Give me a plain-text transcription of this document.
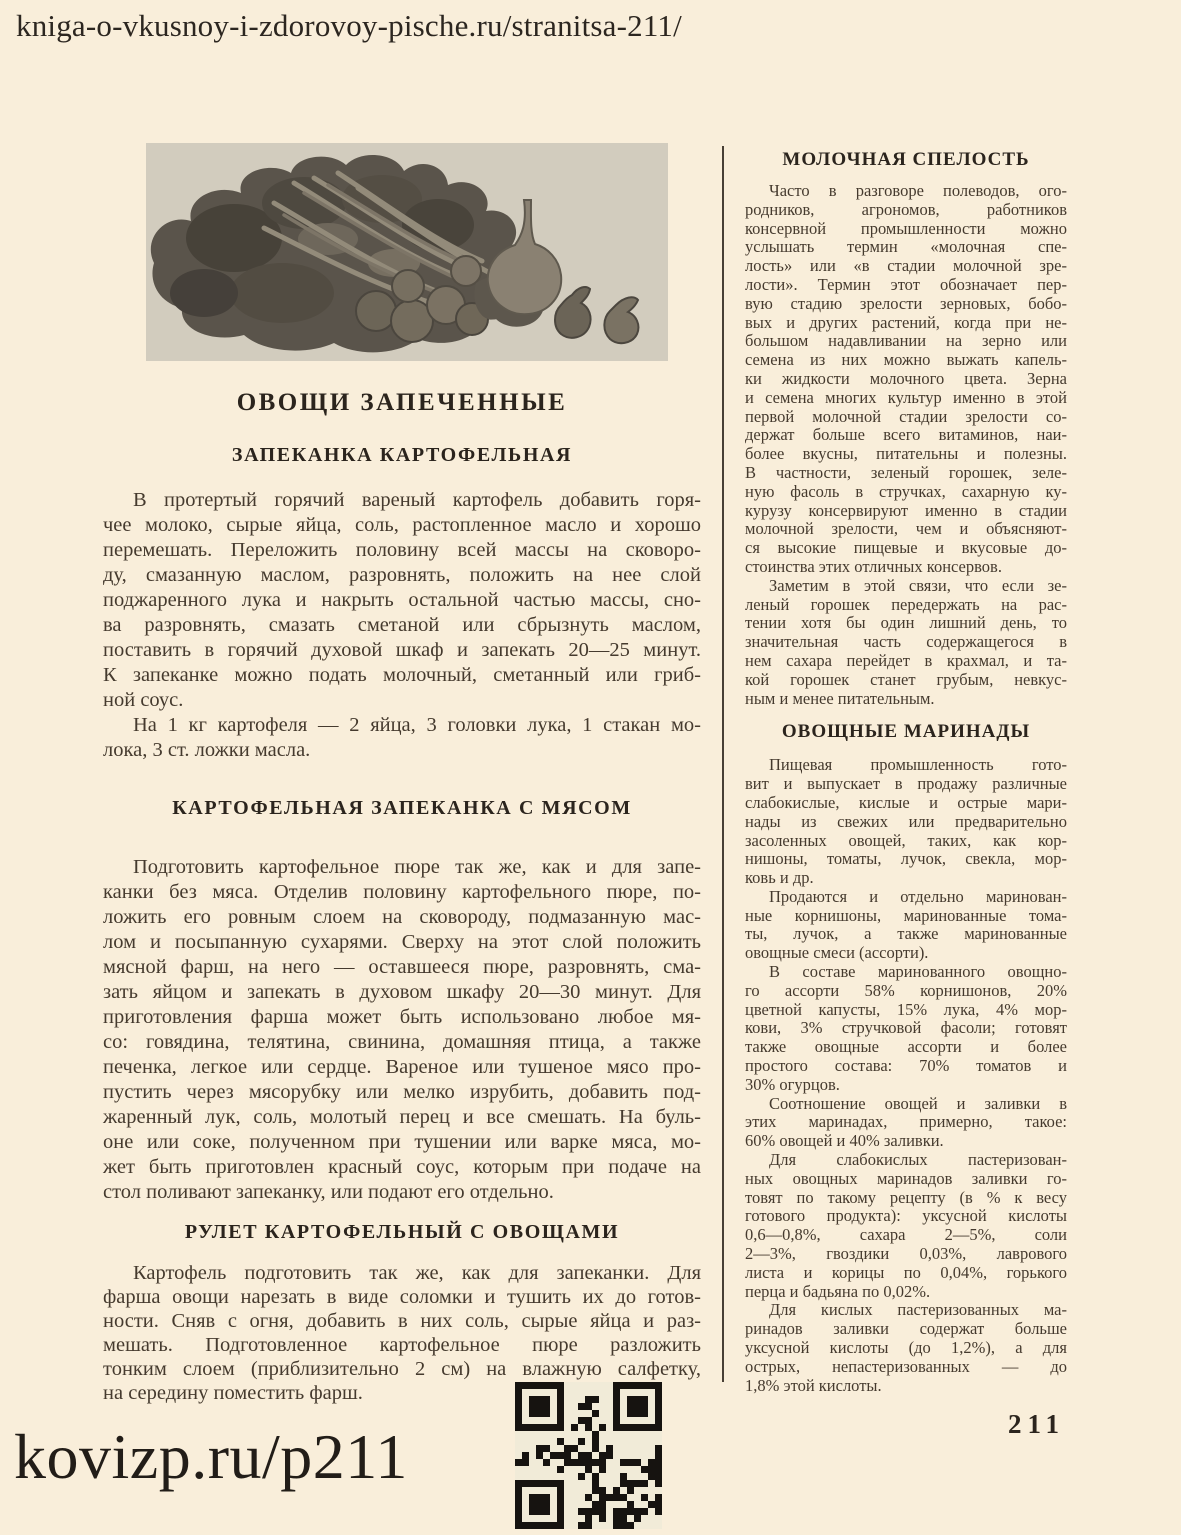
kniga-o-vkusnoy-i-zdorovoy-pische.ru/stranitsa-211/
ОВОЩИ ЗАПЕЧЕННЫЕ
ЗАПЕКАНКА КАРТОФЕЛЬНАЯ
В протертый горячий вареный картофель добавить горя-
чее молоко, сырые яйца, соль, растопленное масло и хорошо
перемешать. Переложить половину всей массы на сковоро-
ду, смазанную маслом, разровнять, положить на нее слой
поджаренного лука и накрыть остальной частью массы, сно-
ва разровнять, смазать сметаной или сбрызнуть маслом,
поставить в горячий духовой шкаф и запекать 20—25 минут.
К запеканке можно подать молочный, сметанный или гриб-
ной соус.
На 1 кг картофеля — 2 яйца, 3 головки лука, 1 стакан мо-
лока, 3 ст. ложки масла.
КАРТОФЕЛЬНАЯ ЗАПЕКАНКА С МЯСОМ
Подготовить картофельное пюре так же, как и для запе-
канки без мяса. Отделив половину картофельного пюре, по-
ложить его ровным слоем на сковороду, подмазанную мас-
лом и посыпанную сухарями. Сверху на этот слой положить
мясной фарш, на него — оставшееся пюре, разровнять, сма-
зать яйцом и запекать в духовом шкафу 20—30 минут. Для
приготовления фарша может быть использовано любое мя-
со: говядина, телятина, свинина, домашняя птица, а также
печенка, легкое или сердце. Вареное или тушеное мясо про-
пустить через мясорубку или мелко изрубить, добавить под-
жаренный лук, соль, молотый перец и все смешать. На буль-
оне или соке, полученном при тушении или варке мяса, мо-
жет быть приготовлен красный соус, которым при подаче на
стол поливают запеканку, или подают его отдельно.
РУЛЕТ КАРТОФЕЛЬНЫЙ С ОВОЩАМИ
Картофель подготовить так же, как для запеканки. Для
фарша овощи нарезать в виде соломки и тушить их до готов-
ности. Сняв с огня, добавить в них соль, сырые яйца и раз-
мешать. Подготовленное картофельное пюре разложить
тонким слоем (приблизительно 2 см) на влажную салфетку,
на середину поместить фарш.
МОЛОЧНАЯ СПЕЛОСТЬ
Часто в разговоре полеводов, ого-
родников, агрономов, работников
консервной промышленности можно
услышать термин «молочная спе-
лость» или «в стадии молочной зре-
лости». Термин этот обозначает пер-
вую стадию зрелости зерновых, бобо-
вых и других растений, когда при не-
большом надавливании на зерно или
семена из них можно выжать капель-
ки жидкости молочного цвета. Зерна
и семена многих культур именно в этой
первой молочной стадии зрелости со-
держат больше всего витаминов, наи-
более вкусны, питательны и полезны.
В частности, зеленый горошек, зеле-
ную фасоль в стручках, сахарную ку-
курузу консервируют именно в стадии
молочной зрелости, чем и объясняют-
ся высокие пищевые и вкусовые до-
стоинства этих отличных консервов.
Заметим в этой связи, что если зе-
леный горошек передержать на рас-
тении хотя бы один лишний день, то
значительная часть содержащегося в
нем сахара перейдет в крахмал, и та-
кой горошек станет грубым, невкус-
ным и менее питательным.
ОВОЩНЫЕ МАРИНАДЫ
Пищевая промышленность гото-
вит и выпускает в продажу различные
слабокислые, кислые и острые мари-
нады из свежих или предварительно
засоленных овощей, таких, как кор-
нишоны, томаты, лучок, свекла, мор-
ковь и др.
Продаются и отдельно маринован-
ные корнишоны, маринованные тома-
ты, лучок, а также маринованные
овощные смеси (ассорти).
В составе маринованного овощно-
го ассорти 58% корнишонов, 20%
цветной капусты, 15% лука, 4% мор-
кови, 3% стручковой фасоли; готовят
также овощные ассорти и более
простого состава: 70% томатов и
30% огурцов.
Соотношение овощей и заливки в
этих маринадах, примерно, такое:
60% овощей и 40% заливки.
Для слабокислых пастеризован-
ных овощных маринадов заливки го-
товят по такому рецепту (в % к весу
готового продукта): уксусной кислоты
0,6—0,8%, сахара 2—5%, соли
2—3%, гвоздики 0,03%, лаврового
листа и корицы по 0,04%, горького
перца и бадьяна по 0,02%.
Для кислых пастеризованных ма-
ринадов заливки содержат больше
уксусной кислоты (до 1,2%), а для
острых, непастеризованных — до
1,8% этой кислоты.
211
kovizp.ru/p211
